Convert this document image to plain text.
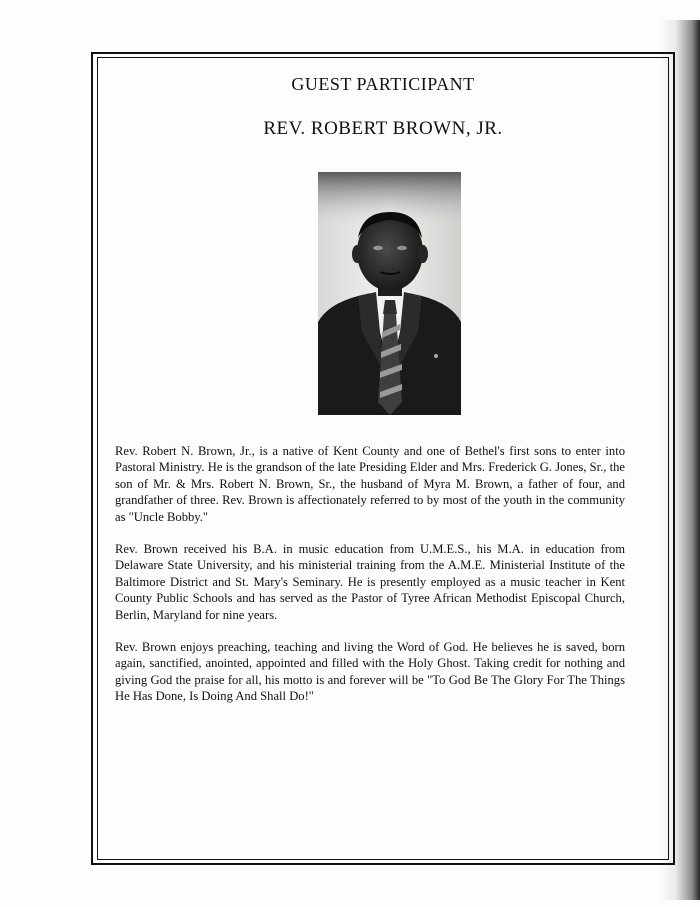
GUEST PARTICIPANT
REV. ROBERT BROWN, JR.

Rev. Robert N. Brown, Jr., is a native of Kent County and one of Bethel's first sons to enter into Pastoral Ministry. He is the grandson of the late Presiding Elder and Mrs. Frederick G. Jones, Sr., the son of Mr. & Mrs. Robert N. Brown, Sr., the husband of Myra M. Brown, a father of four, and grandfather of three. Rev. Brown is affectionately referred to by most of the youth in the community as "Uncle Bobby."

Rev. Brown received his B.A. in music education from U.M.E.S., his M.A. in education from Delaware State University, and his ministerial training from the A.M.E. Ministerial Institute of the Baltimore District and St. Mary's Seminary. He is presently employed as a music teacher in Kent County Public Schools and has served as the Pastor of Tyree African Methodist Episcopal Church, Berlin, Maryland for nine years.

Rev. Brown enjoys preaching, teaching and living the Word of God. He believes he is saved, born again, sanctified, anointed, appointed and filled with the Holy Ghost. Taking credit for nothing and giving God the praise for all, his motto is and forever will be "To God Be The Glory For The Things He Has Done, Is Doing And Shall Do!"
